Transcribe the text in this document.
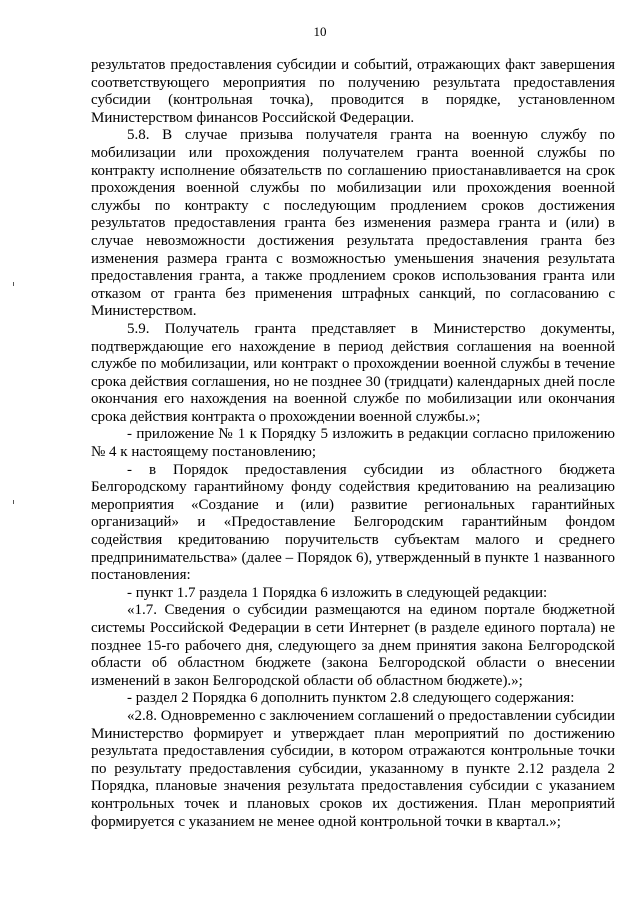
10

результатов предоставления субсидии и событий, отражающих факт завершения соответствующего мероприятия по получению результата предоставления субсидии (контрольная точка), проводится в порядке, установленном Министерством финансов Российской Федерации.

5.8. В случае призыва получателя гранта на военную службу по мобилизации или прохождения получателем гранта военной службы по контракту исполнение обязательств по соглашению приостанавливается на срок прохождения военной службы по мобилизации или прохождения военной службы по контракту с последующим продлением сроков достижения результатов предоставления гранта без изменения размера гранта и (или) в случае невозможности достижения результата предоставления гранта без изменения размера гранта с возможностью уменьшения значения результата предоставления гранта, а также продлением сроков использования гранта или отказом от гранта без применения штрафных санкций, по согласованию с Министерством.

5.9. Получатель гранта представляет в Министерство документы, подтверждающие его нахождение в период действия соглашения на военной службе по мобилизации, или контракт о прохождении военной службы в течение срока действия соглашения, но не позднее 30 (тридцати) календарных дней после окончания его нахождения на военной службе по мобилизации или окончания срока действия контракта о прохождении военной службы.»;

- приложение № 1 к Порядку 5 изложить в редакции согласно приложению № 4 к настоящему постановлению;

- в Порядок предоставления субсидии из областного бюджета Белгородскому гарантийному фонду содействия кредитованию на реализацию мероприятия «Создание и (или) развитие региональных гарантийных организаций» и «Предоставление Белгородским гарантийным фондом содействия кредитованию поручительств субъектам малого и среднего предпринимательства» (далее – Порядок 6), утвержденный в пункте 1 названного постановления:

- пункт 1.7 раздела 1 Порядка 6 изложить в следующей редакции:

«1.7. Сведения о субсидии размещаются на едином портале бюджетной системы Российской Федерации в сети Интернет (в разделе единого портала) не позднее 15-го рабочего дня, следующего за днем принятия закона Белгородской области об областном бюджете (закона Белгородской области о внесении изменений в закон Белгородской области об областном бюджете).»;

- раздел 2 Порядка 6 дополнить пунктом 2.8 следующего содержания:

«2.8. Одновременно с заключением соглашений о предоставлении субсидии Министерство формирует и утверждает план мероприятий по достижению результата предоставления субсидии, в котором отражаются контрольные точки по результату предоставления субсидии, указанному в пункте 2.12 раздела 2 Порядка, плановые значения результата предоставления субсидии с указанием контрольных точек и плановых сроков их достижения. План мероприятий формируется с указанием не менее одной контрольной точки в квартал.»;
